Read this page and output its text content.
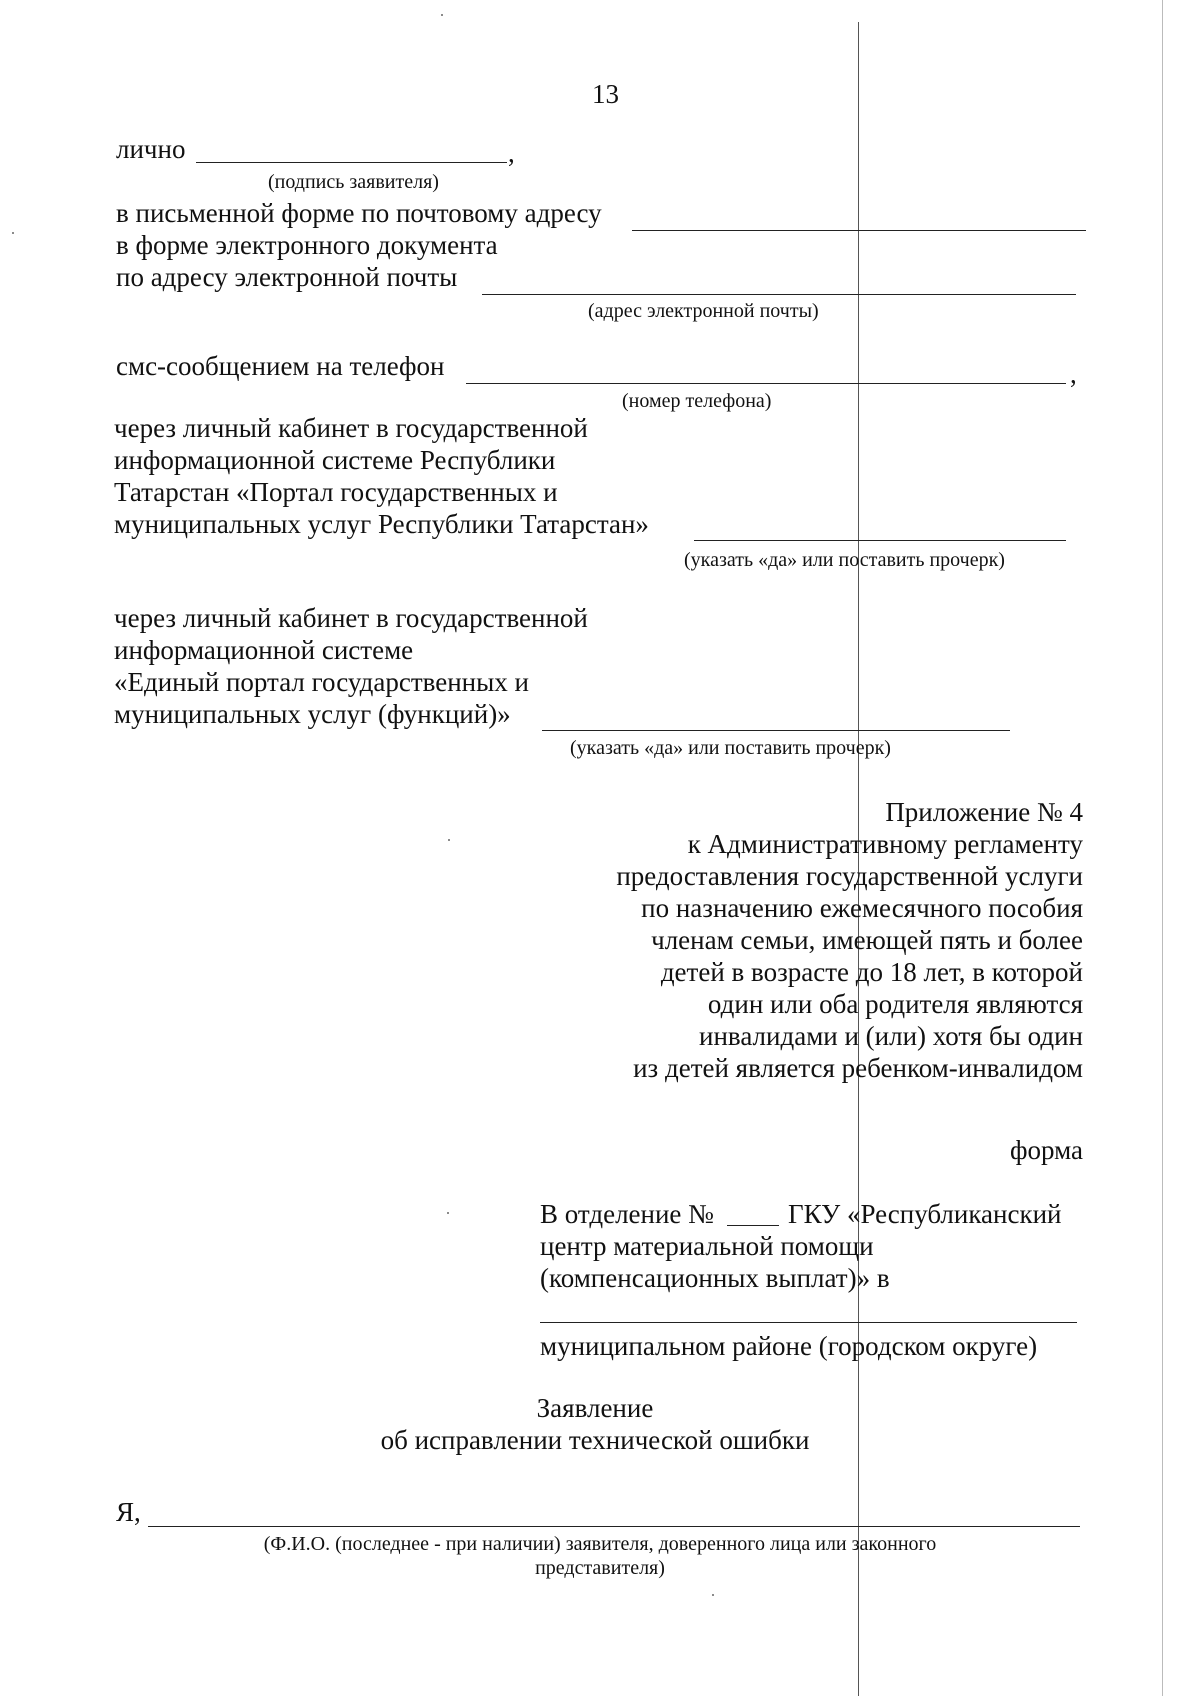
13
лично	,
(подпись заявителя)
в письменной форме по почтовому адресу
в форме электронного документа
по адресу электронной почты
(адрес электронной почты)
смс-сообщением на телефон	,
(номер телефона)
через личный кабинет в государственной
информационной системе Республики
Татарстан «Портал государственных и
муниципальных услуг Республики Татарстан»
(указать «да» или поставить прочерк)
через личный кабинет в государственной
информационной системе
«Единый портал государственных и
муниципальных услуг (функций)»
(указать «да» или поставить прочерк)
Приложение № 4
к Административному регламенту
предоставления государственной услуги
по назначению ежемесячного пособия
членам семьи, имеющей пять и более
детей в возрасте до 18 лет, в которой
один или оба родителя являются
инвалидами и (или) хотя бы один
из детей является ребенком-инвалидом
форма
В отделение №	ГКУ «Республиканский
центр материальной помощи
(компенсационных выплат)» в
муниципальном районе (городском округе)
Заявление
об исправлении технической ошибки
Я,
(Ф.И.О. (последнее - при наличии) заявителя, доверенного лица или законного
представителя)
